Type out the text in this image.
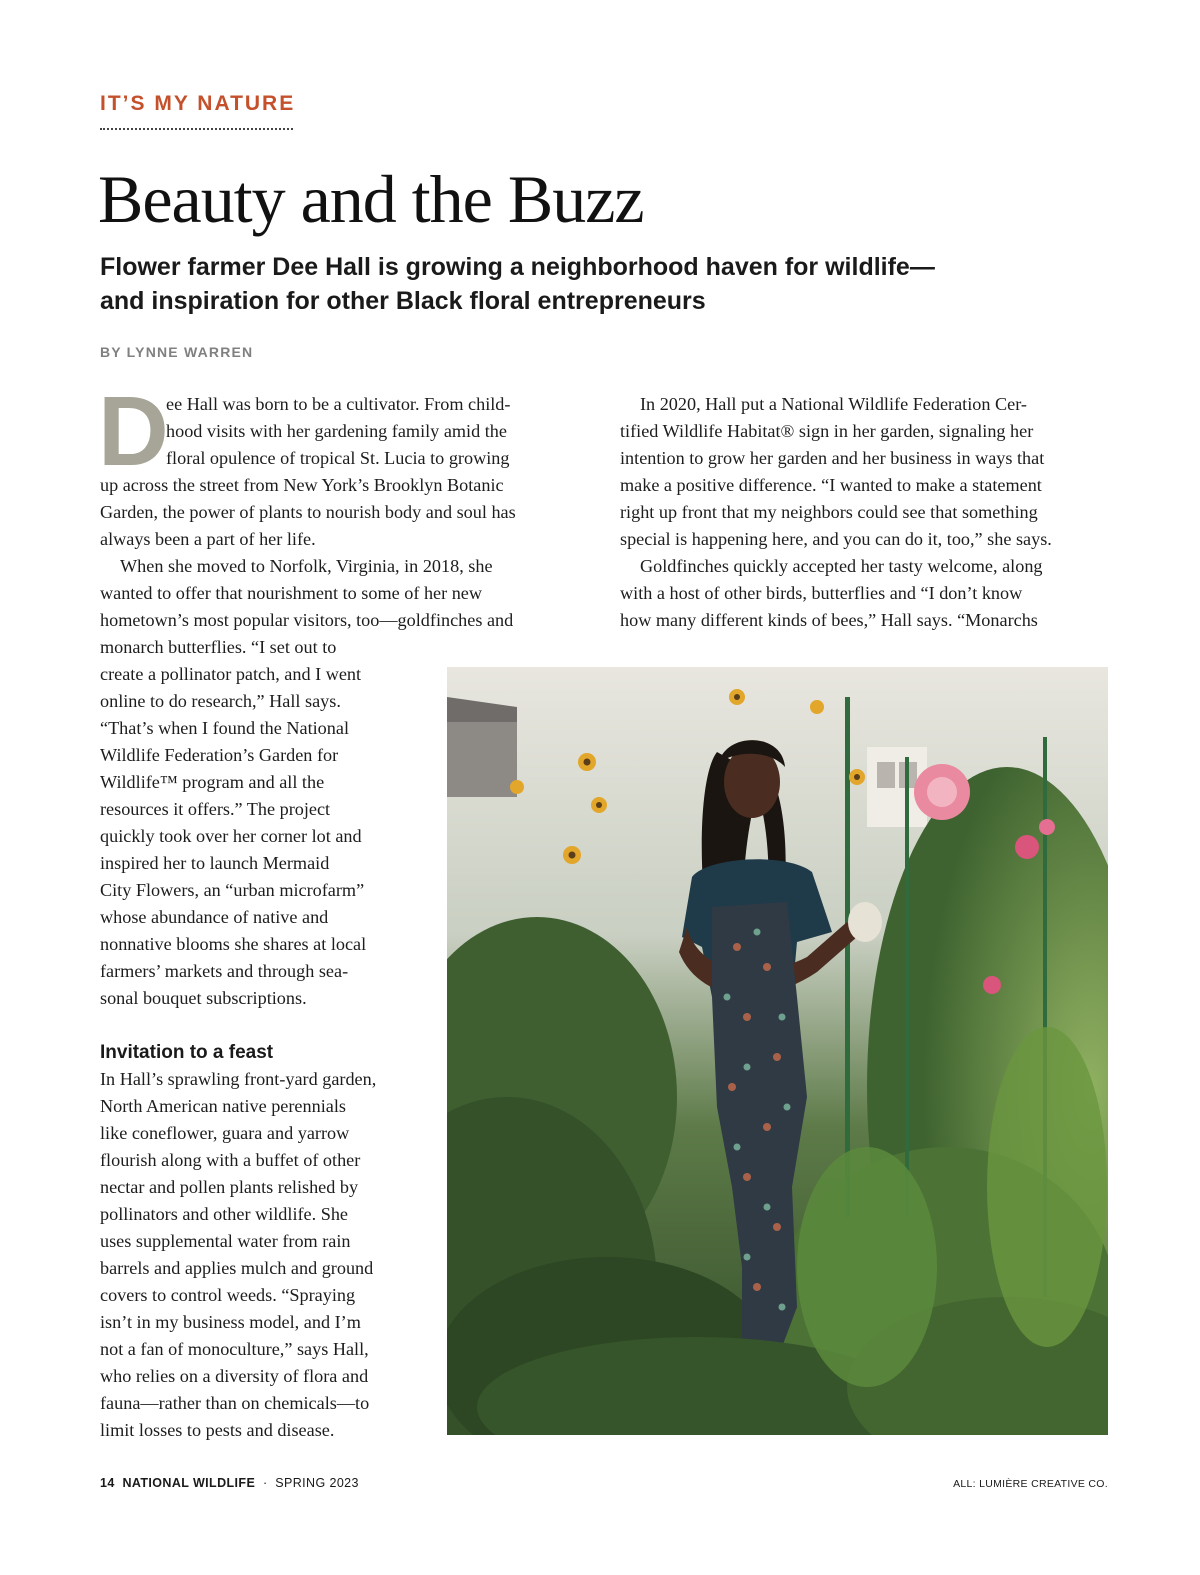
IT’S MY NATURE
Beauty and the Buzz
Flower farmer Dee Hall is growing a neighborhood haven for wildlife—
and inspiration for other Black floral entrepreneurs
BY LYNNE WARREN
D

ee Hall was born to be a cultivator. From child-
hood visits with her gardening family amid the
floral opulence of tropical St. Lucia to growing
up across the street from New York’s Brooklyn Botanic
Garden, the power of plants to nourish body and soul has
always been a part of her life.

When she moved to Norfolk, Virginia, in 2018, she
wanted to offer that nourishment to some of her new
hometown’s most popular visitors, too—goldfinches and
monarch butterflies. “I set out to
create a pollinator patch, and I went
online to do research,” Hall says.
“That’s when I found the National
Wildlife Federation’s Garden for
Wildlife™ program and all the
resources it offers.” The project
quickly took over her corner lot and
inspired her to launch Mermaid
City Flowers, an “urban microfarm”
whose abundance of native and
nonnative blooms she shares at local
farmers’ markets and through sea-
sonal bouquet subscriptions.

Invitation to a feast

In Hall’s sprawling front-yard garden,
North American native perennials
like coneflower, guara and yarrow
flourish along with a buffet of other
nectar and pollen plants relished by
pollinators and other wildlife. She
uses supplemental water from rain
barrels and applies mulch and ground
covers to control weeds. “Spraying
isn’t in my business model, and I’m
not a fan of monoculture,” says Hall,
who relies on a diversity of flora and
fauna—rather than on chemicals—to
limit losses to pests and disease.

In 2020, Hall put a National Wildlife Federation Cer-
tified Wildlife Habitat® sign in her garden, signaling her
intention to grow her garden and her business in ways that
make a positive difference. “I wanted to make a statement
right up front that my neighbors could see that something
special is happening here, and you can do it, too,” she says.

Goldfinches quickly accepted her tasty welcome, along
with a host of other birds, butterflies and “I don’t know
how many different kinds of bees,” Hall says. “Monarchs

14 NATIONAL WILDLIFE · SPRING 2023	ALL: LUMIÈRE CREATIVE CO.
